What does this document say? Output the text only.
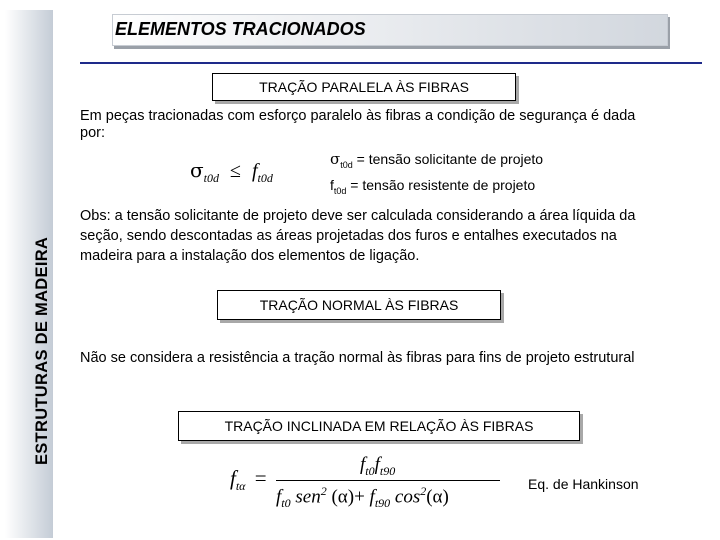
ESTRUTURAS DE MADEIRA
ELEMENTOS TRACIONADOS
TRAÇÃO PARALELA ÀS FIBRAS
Em peças tracionadas com esforço paralelo às fibras a condição de segurança é dada
por:
$\sigma_{t0d} \le f_{t0d}$
$\sigma_{t0d}$ = tensão solicitante de projeto
$f_{t0d}$ = tensão resistente de projeto
Obs: a tensão solicitante de projeto deve ser calculada considerando a área líquida da
seção, sendo descontadas as áreas projetadas dos furos e entalhes executados na
madeira para a instalação dos elementos de ligação.
TRAÇÃO NORMAL ÀS FIBRAS
Não se considera a resistência a tração normal às fibras para fins de projeto estrutural
TRAÇÃO INCLINADA EM RELAÇÃO ÀS FIBRAS
$f_{t\alpha}$ =
$f_{t0}f_{t90}$
$f_{t0}$ sen$^2$ $(\alpha)+ f_{t90}$ $\cos^2(\alpha)$
Eq. de Hankinson
